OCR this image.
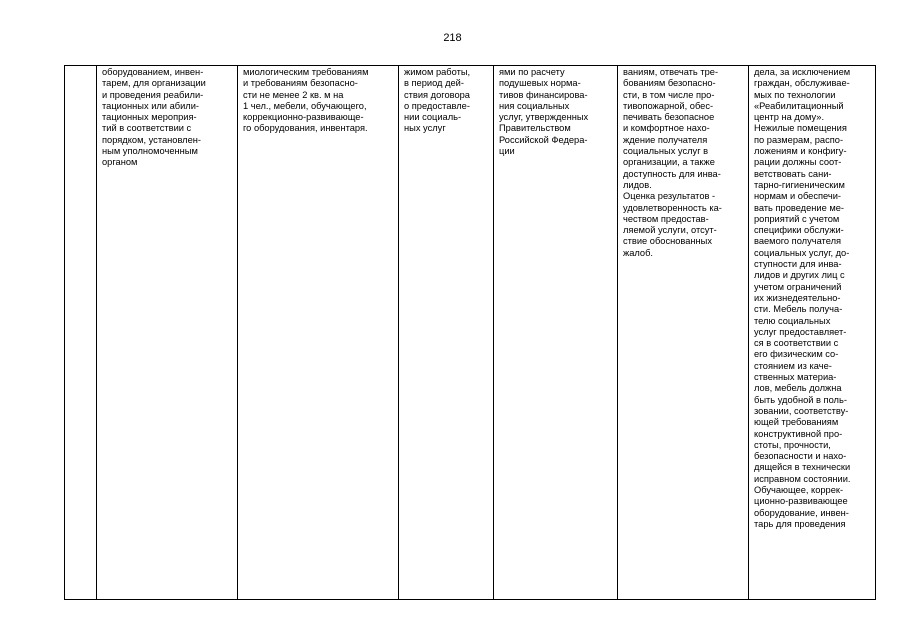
218
	оборудованием, инвен-
тарем, для организации
и проведения реабили-
тационных или абили-
тационных мероприя-
тий в соответствии с
порядком, установлен-
ным уполномоченным
органом	миологическим требованиям
и требованиям безопасно-
сти не менее 2 кв. м на
1 чел., мебели, обучающего,
коррекционно-развивающе-
го оборудования, инвентаря.	жимом работы,
в период дей-
ствия договора
о предоставле-
нии социаль-
ных услуг	ями по расчету
подушевых норма-
тивов финансирова-
ния социальных
услуг, утвержденных
Правительством
Российской Федера-
ции	ваниям, отвечать тре-
бованиям безопасно-
сти, в том числе про-
тивопожарной, обес-
печивать безопасное
и комфортное нахо-
ждение получателя
социальных услуг в
организации, а также
доступность для инва-
лидов.
Оценка результатов -
удовлетворенность ка-
чеством предостав-
ляемой услуги, отсут-
ствие обоснованных
жалоб.	дела, за исключением
граждан, обслуживае-
мых по технологии
«Реабилитационный
центр на дому».
Нежилые помещения
по размерам, распо-
ложениям и конфигу-
рации должны соот-
ветствовать сани-
тарно-гигиеническим
нормам и обеспечи-
вать проведение ме-
роприятий с учетом
специфики обслужи-
ваемого получателя
социальных услуг, до-
ступности для инва-
лидов и других лиц с
учетом ограничений
их жизнедеятельно-
сти. Мебель получа-
телю социальных
услуг предоставляет-
ся в соответствии с
его физическим со-
стоянием из каче-
ственных материа-
лов, мебель должна
быть удобной в поль-
зовании, соответству-
ющей требованиям
конструктивной про-
стоты, прочности,
безопасности и нахо-
дящейся в технически
исправном состоянии.
Обучающее, коррек-
ционно-развивающее
оборудование, инвен-
тарь для проведения
